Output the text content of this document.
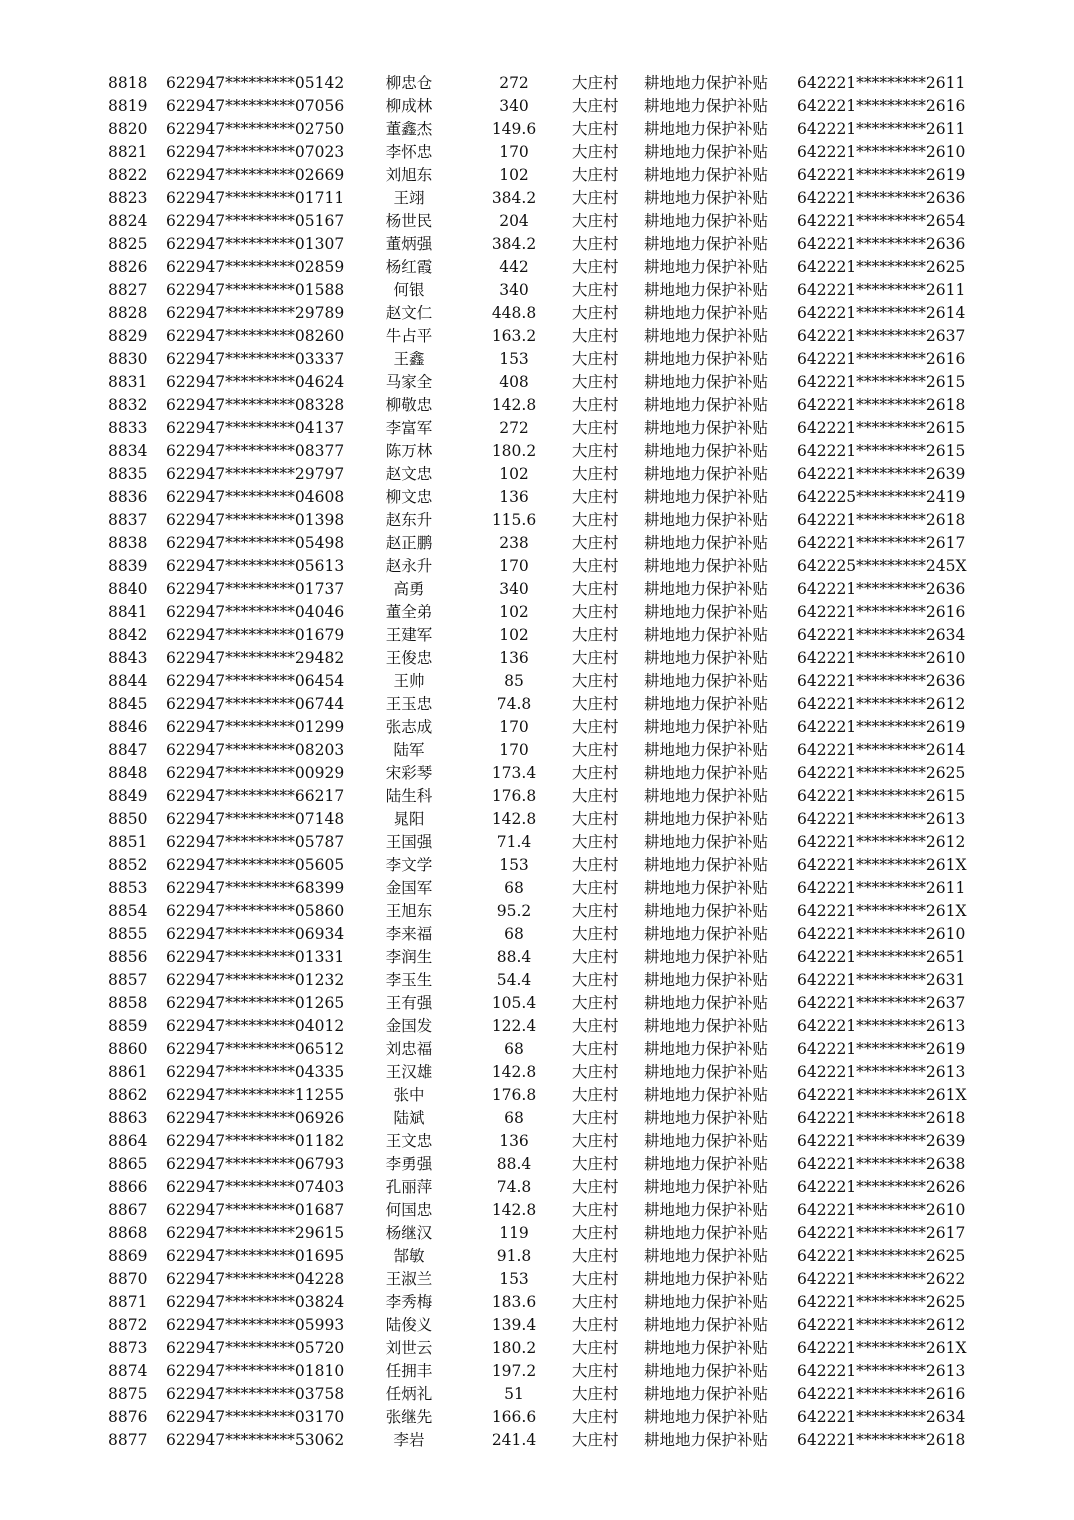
8818	622947*********05142	柳忠仓	272	大庄村	耕地地力保护补贴	642221*********2611
8819	622947*********07056	柳成林	340	大庄村	耕地地力保护补贴	642221*********2616
8820	622947*********02750	董鑫杰	149.6	大庄村	耕地地力保护补贴	642221*********2611
8821	622947*********07023	李怀忠	170	大庄村	耕地地力保护补贴	642221*********2610
8822	622947*********02669	刘旭东	102	大庄村	耕地地力保护补贴	642221*********2619
8823	622947*********01711	王翊	384.2	大庄村	耕地地力保护补贴	642221*********2636
8824	622947*********05167	杨世民	204	大庄村	耕地地力保护补贴	642221*********2654
8825	622947*********01307	董炳强	384.2	大庄村	耕地地力保护补贴	642221*********2636
8826	622947*********02859	杨红霞	442	大庄村	耕地地力保护补贴	642221*********2625
8827	622947*********01588	何银	340	大庄村	耕地地力保护补贴	642221*********2611
8828	622947*********29789	赵文仁	448.8	大庄村	耕地地力保护补贴	642221*********2614
8829	622947*********08260	牛占平	163.2	大庄村	耕地地力保护补贴	642221*********2637
8830	622947*********03337	王鑫	153	大庄村	耕地地力保护补贴	642221*********2616
8831	622947*********04624	马家全	408	大庄村	耕地地力保护补贴	642221*********2615
8832	622947*********08328	柳敬忠	142.8	大庄村	耕地地力保护补贴	642221*********2618
8833	622947*********04137	李富军	272	大庄村	耕地地力保护补贴	642221*********2615
8834	622947*********08377	陈万林	180.2	大庄村	耕地地力保护补贴	642221*********2615
8835	622947*********29797	赵文忠	102	大庄村	耕地地力保护补贴	642221*********2639
8836	622947*********04608	柳文忠	136	大庄村	耕地地力保护补贴	642225*********2419
8837	622947*********01398	赵东升	115.6	大庄村	耕地地力保护补贴	642221*********2618
8838	622947*********05498	赵正鹏	238	大庄村	耕地地力保护补贴	642221*********2617
8839	622947*********05613	赵永升	170	大庄村	耕地地力保护补贴	642225*********245X
8840	622947*********01737	高勇	340	大庄村	耕地地力保护补贴	642221*********2636
8841	622947*********04046	董全弟	102	大庄村	耕地地力保护补贴	642221*********2616
8842	622947*********01679	王建军	102	大庄村	耕地地力保护补贴	642221*********2634
8843	622947*********29482	王俊忠	136	大庄村	耕地地力保护补贴	642221*********2610
8844	622947*********06454	王帅	85	大庄村	耕地地力保护补贴	642221*********2636
8845	622947*********06744	王玉忠	74.8	大庄村	耕地地力保护补贴	642221*********2612
8846	622947*********01299	张志成	170	大庄村	耕地地力保护补贴	642221*********2619
8847	622947*********08203	陆军	170	大庄村	耕地地力保护补贴	642221*********2614
8848	622947*********00929	宋彩琴	173.4	大庄村	耕地地力保护补贴	642221*********2625
8849	622947*********66217	陆生科	176.8	大庄村	耕地地力保护补贴	642221*********2615
8850	622947*********07148	晁阳	142.8	大庄村	耕地地力保护补贴	642221*********2613
8851	622947*********05787	王国强	71.4	大庄村	耕地地力保护补贴	642221*********2612
8852	622947*********05605	李文学	153	大庄村	耕地地力保护补贴	642221*********261X
8853	622947*********68399	金国军	68	大庄村	耕地地力保护补贴	642221*********2611
8854	622947*********05860	王旭东	95.2	大庄村	耕地地力保护补贴	642221*********261X
8855	622947*********06934	李来福	68	大庄村	耕地地力保护补贴	642221*********2610
8856	622947*********01331	李润生	88.4	大庄村	耕地地力保护补贴	642221*********2651
8857	622947*********01232	李玉生	54.4	大庄村	耕地地力保护补贴	642221*********2631
8858	622947*********01265	王有强	105.4	大庄村	耕地地力保护补贴	642221*********2637
8859	622947*********04012	金国发	122.4	大庄村	耕地地力保护补贴	642221*********2613
8860	622947*********06512	刘忠福	68	大庄村	耕地地力保护补贴	642221*********2619
8861	622947*********04335	王汉雄	142.8	大庄村	耕地地力保护补贴	642221*********2613
8862	622947*********11255	张中	176.8	大庄村	耕地地力保护补贴	642221*********261X
8863	622947*********06926	陆斌	68	大庄村	耕地地力保护补贴	642221*********2618
8864	622947*********01182	王文忠	136	大庄村	耕地地力保护补贴	642221*********2639
8865	622947*********06793	李勇强	88.4	大庄村	耕地地力保护补贴	642221*********2638
8866	622947*********07403	孔丽萍	74.8	大庄村	耕地地力保护补贴	642221*********2626
8867	622947*********01687	何国忠	142.8	大庄村	耕地地力保护补贴	642221*********2610
8868	622947*********29615	杨继汉	119	大庄村	耕地地力保护补贴	642221*********2617
8869	622947*********01695	郜敏	91.8	大庄村	耕地地力保护补贴	642221*********2625
8870	622947*********04228	王淑兰	153	大庄村	耕地地力保护补贴	642221*********2622
8871	622947*********03824	李秀梅	183.6	大庄村	耕地地力保护补贴	642221*********2625
8872	622947*********05993	陆俊义	139.4	大庄村	耕地地力保护补贴	642221*********2612
8873	622947*********05720	刘世云	180.2	大庄村	耕地地力保护补贴	642221*********261X
8874	622947*********01810	任拥丰	197.2	大庄村	耕地地力保护补贴	642221*********2613
8875	622947*********03758	任炳礼	51	大庄村	耕地地力保护补贴	642221*********2616
8876	622947*********03170	张继先	166.6	大庄村	耕地地力保护补贴	642221*********2634
8877	622947*********53062	李岩	241.4	大庄村	耕地地力保护补贴	642221*********2618
